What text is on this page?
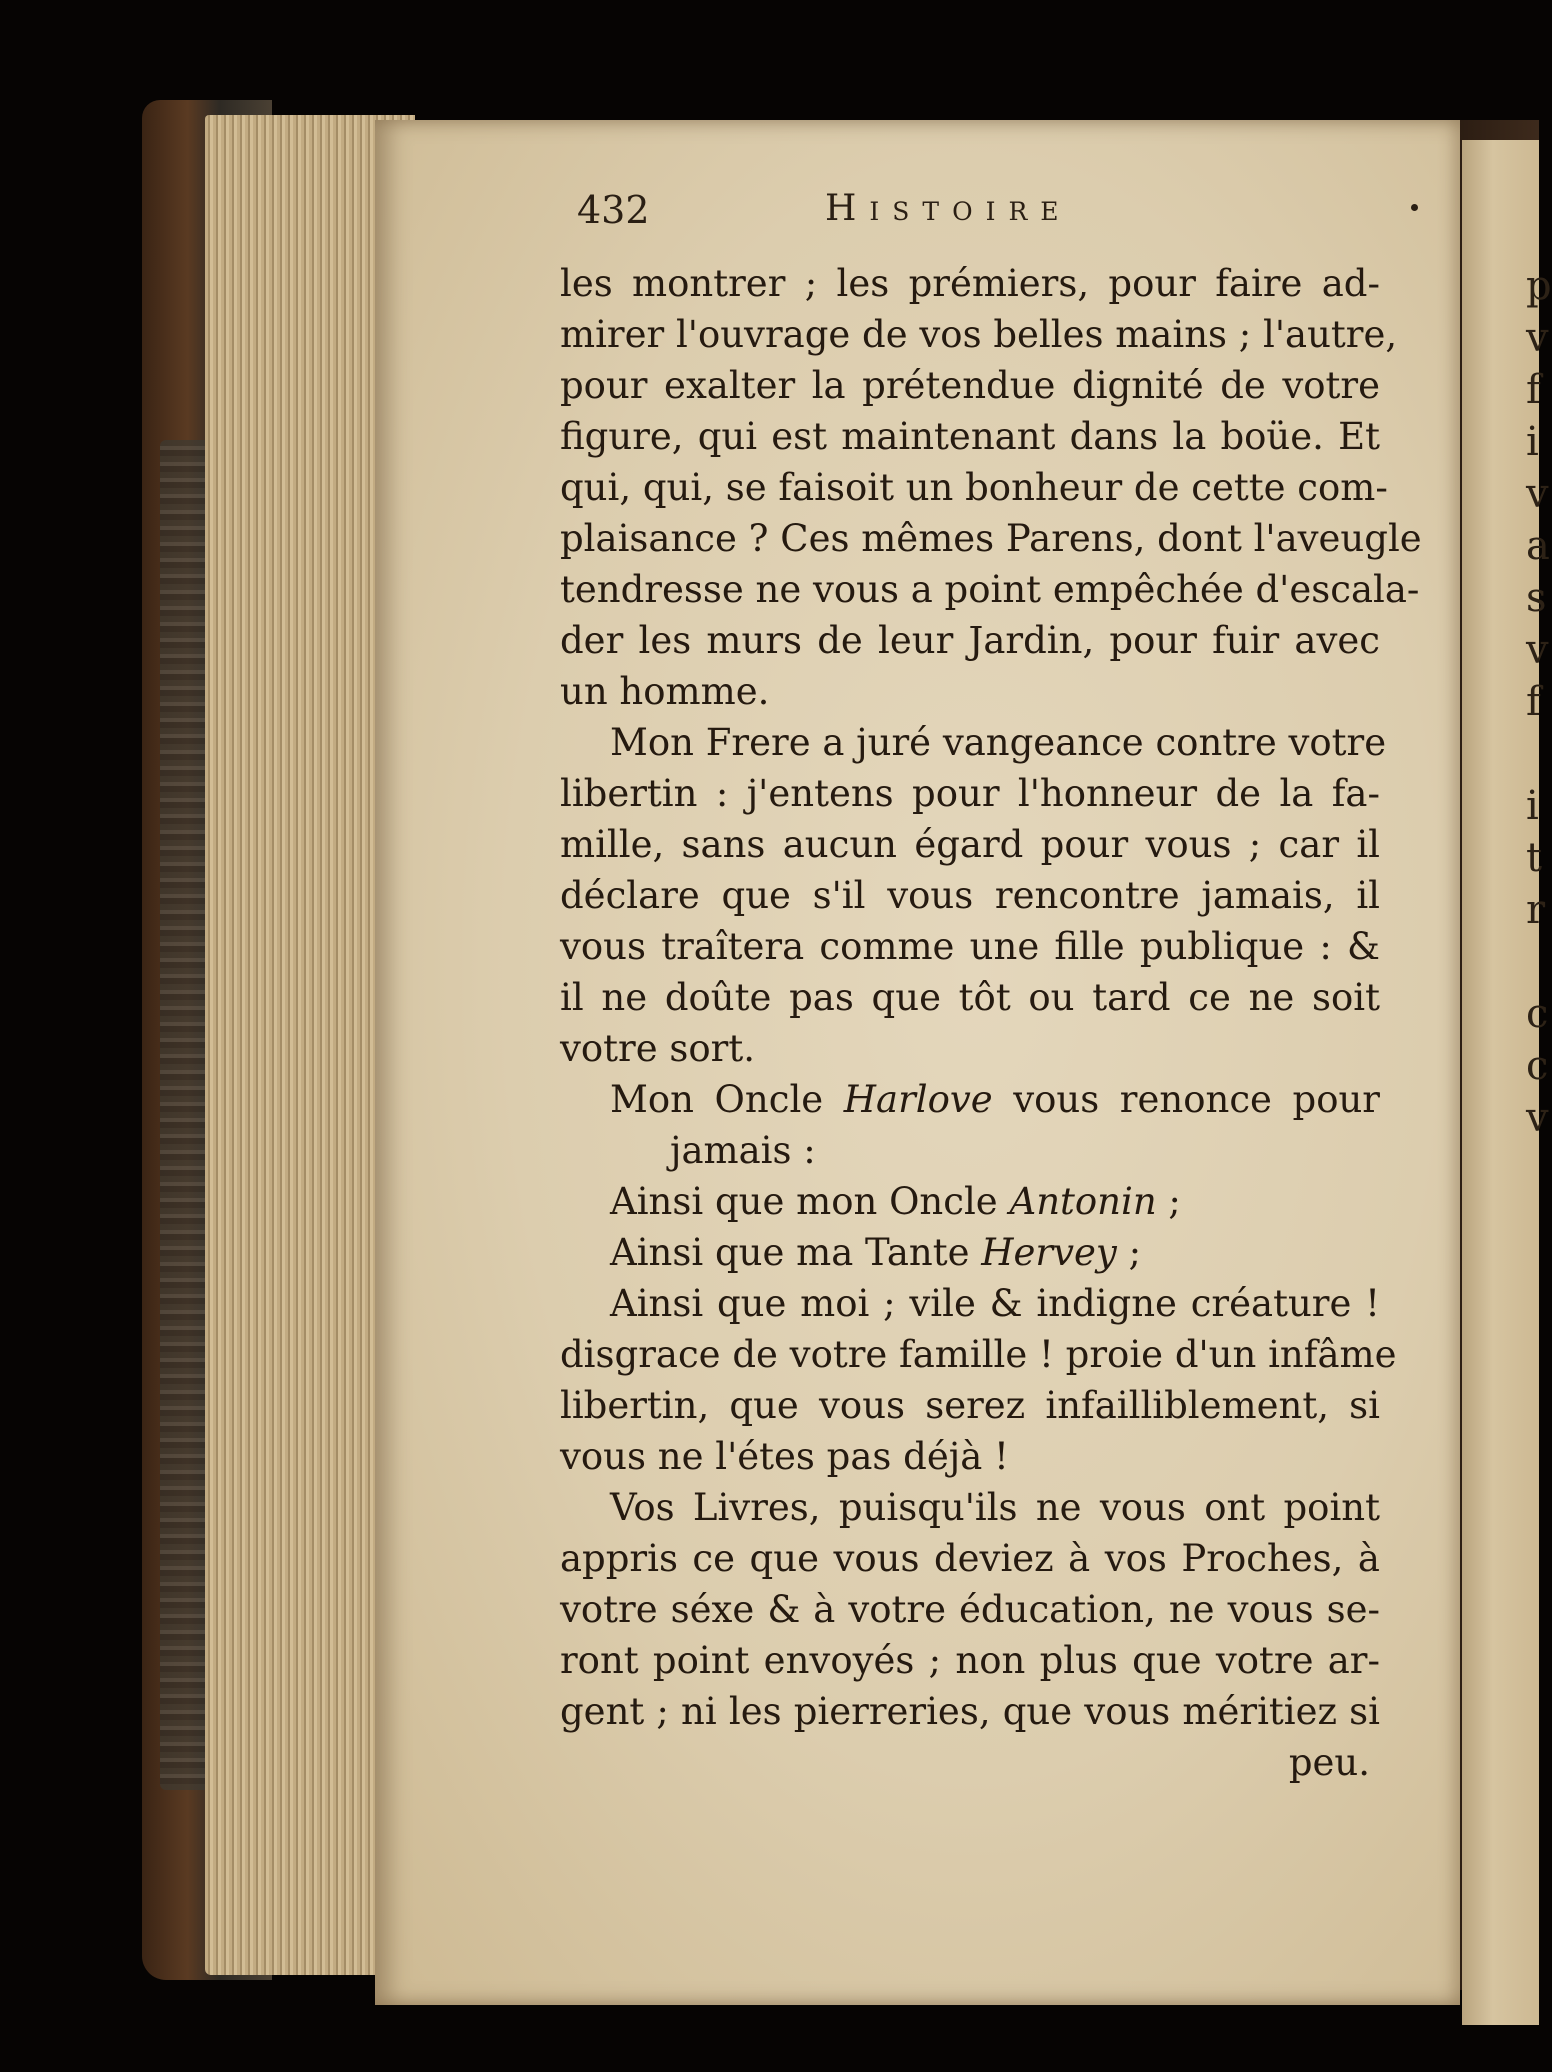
432	Histoire
les montrer ; les prémiers, pour faire ad-
mirer l'ouvrage de vos belles mains ; l'autre,
pour exalter la prétendue dignité de votre
figure, qui est maintenant dans la boüe. Et
qui, qui, se faisoit un bonheur de cette com-
plaisance ? Ces mêmes Parens, dont l'aveugle
tendresse ne vous a point empêchée d'escala-
der les murs de leur Jardin, pour fuir avec
un homme.
Mon Frere a juré vangeance contre votre
libertin : j'entens pour l'honneur de la fa-
mille, sans aucun égard pour vous ; car il
déclare que s'il vous rencontre jamais, il
vous traîtera comme une fille publique : &
il ne doûte pas que tôt ou tard ce ne soit
votre sort.
Mon Oncle Harlove vous renonce pour
jamais :
Ainsi que mon Oncle Antonin ;
Ainsi que ma Tante Hervey ;
Ainsi que moi ; vile & indigne créature !
disgrace de votre famille ! proie d'un infâme
libertin, que vous serez infailliblement, si
vous ne l'étes pas déjà !
Vos Livres, puisqu'ils ne vous ont point
appris ce que vous deviez à vos Proches, à
votre séxe & à votre éducation, ne vous se-
ront point envoyés ; non plus que votre ar-
gent ; ni les pierreries, que vous méritiez si
peu.
p
v
f
i
v
a
s
v
f

i
t
r

c
c
v
